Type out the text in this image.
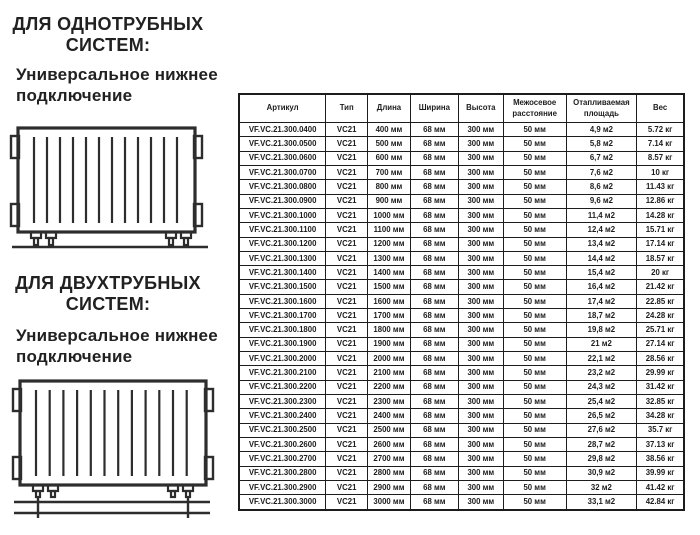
ДЛЯ ОДНОТРУБНЫХ СИСТЕМ:
Универсальное нижнее подключение
ДЛЯ ДВУХТРУБНЫХ СИСТЕМ:
Универсальное нижнее подключение
Артикул	Тип	Длина	Ширина	Высота	Межосевое расстояние	Отапливаемая площадь	Вес
VF.VC.21.300.0400	VC21	400 мм	68 мм	300 мм	50 мм	4,9 м2	5.72 кг
VF.VC.21.300.0500	VC21	500 мм	68 мм	300 мм	50 мм	5,8 м2	7.14 кг
VF.VC.21.300.0600	VC21	600 мм	68 мм	300 мм	50 мм	6,7 м2	8.57 кг
VF.VC.21.300.0700	VC21	700 мм	68 мм	300 мм	50 мм	7,6 м2	10 кг
VF.VC.21.300.0800	VC21	800 мм	68 мм	300 мм	50 мм	8,6 м2	11.43 кг
VF.VC.21.300.0900	VC21	900 мм	68 мм	300 мм	50 мм	9,6 м2	12.86 кг
VF.VC.21.300.1000	VC21	1000 мм	68 мм	300 мм	50 мм	11,4 м2	14.28 кг
VF.VC.21.300.1100	VC21	1100 мм	68 мм	300 мм	50 мм	12,4 м2	15.71 кг
VF.VC.21.300.1200	VC21	1200 мм	68 мм	300 мм	50 мм	13,4 м2	17.14 кг
VF.VC.21.300.1300	VC21	1300 мм	68 мм	300 мм	50 мм	14,4 м2	18.57 кг
VF.VC.21.300.1400	VC21	1400 мм	68 мм	300 мм	50 мм	15,4 м2	20 кг
VF.VC.21.300.1500	VC21	1500 мм	68 мм	300 мм	50 мм	16,4 м2	21.42 кг
VF.VC.21.300.1600	VC21	1600 мм	68 мм	300 мм	50 мм	17,4 м2	22.85 кг
VF.VC.21.300.1700	VC21	1700 мм	68 мм	300 мм	50 мм	18,7 м2	24.28 кг
VF.VC.21.300.1800	VC21	1800 мм	68 мм	300 мм	50 мм	19,8 м2	25.71 кг
VF.VC.21.300.1900	VC21	1900 мм	68 мм	300 мм	50 мм	21 м2	27.14 кг
VF.VC.21.300.2000	VC21	2000 мм	68 мм	300 мм	50 мм	22,1 м2	28.56 кг
VF.VC.21.300.2100	VC21	2100 мм	68 мм	300 мм	50 мм	23,2 м2	29.99 кг
VF.VC.21.300.2200	VC21	2200 мм	68 мм	300 мм	50 мм	24,3 м2	31.42 кг
VF.VC.21.300.2300	VC21	2300 мм	68 мм	300 мм	50 мм	25,4 м2	32.85 кг
VF.VC.21.300.2400	VC21	2400 мм	68 мм	300 мм	50 мм	26,5 м2	34.28 кг
VF.VC.21.300.2500	VC21	2500 мм	68 мм	300 мм	50 мм	27,6 м2	35.7 кг
VF.VC.21.300.2600	VC21	2600 мм	68 мм	300 мм	50 мм	28,7 м2	37.13 кг
VF.VC.21.300.2700	VC21	2700 мм	68 мм	300 мм	50 мм	29,8 м2	38.56 кг
VF.VC.21.300.2800	VC21	2800 мм	68 мм	300 мм	50 мм	30,9 м2	39.99 кг
VF.VC.21.300.2900	VC21	2900 мм	68 мм	300 мм	50 мм	32 м2	41.42 кг
VF.VC.21.300.3000	VC21	3000 мм	68 мм	300 мм	50 мм	33,1 м2	42.84 кг
